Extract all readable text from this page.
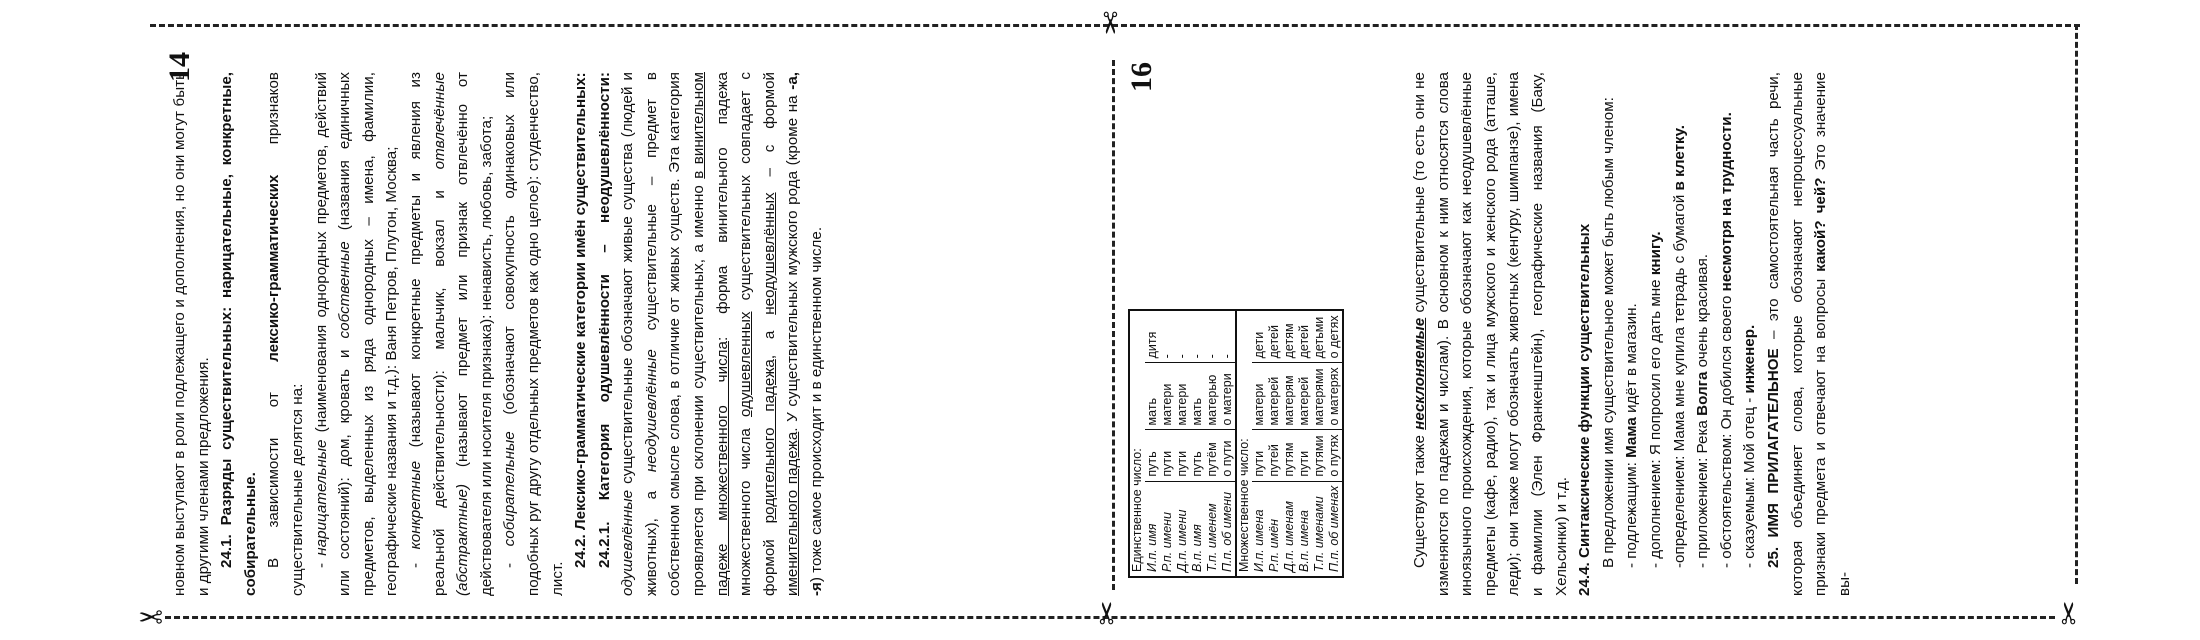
✂
✂
✂	✂
14	16

новном выступают в роли подлежащего и дополнения, но они могут быть и другими членами предложения. 24.1. Разряды существительных: нарицательные, конкретные, собирательные. В зависимости от лексико-грамматических признаков существительные делятся на: - нарицательные (наименования однородных предметов, действий или состояний): дом, кровать и собственные (названия единичных предметов, выделенных из ряда однородных – имена, фамилии, географические названия и т.д.): Ваня Петров, Плутон, Москва; - конкретные (называют конкретные предметы и явления из реальной действительности): мальчик, вокзал и отвлечённые (абстрактные) (называют предмет или признак отвлечённо от действователя или носителя признака): ненависть, любовь, забота; - собирательные (обозначают совокупность одинаковых или подобных руг другу отдельных предметов как одно целое): студенчество, лист.

24.2. Лексико-грамматические категории имён существительных: 24.2.1. Категория одушевлённости – неодушевлённости: одушевлённые существительные обозначают живые существа (людей и животных), а неодушевлённые существительные – предмет в собственном смысле слова, в отличие от живых существ. Эта категория проявляется при склонении существительных, а именно в винительном падеже множественного числа: форма винительного падежа множественного числа одушевленных существительных совпадает с формой родительного падежа, а неодушевлённых – с формой именительного падежа. У существительных мужского рода (кроме на -а, -я) тоже самое происходит и в единственном числе.	Единственное число:			
И.п. имя	путь	мать	дитя
Р.п. имени	пути	матери	-
Д.п. имени	пути	матери	-
В.п. имя	путь	мать	-
Т.п. именем	путём	матерью	-
П.п. об имени	о пути	о матери	-
Множественное число:			
И.п. имена	пути	матери	дети
Р.п. имён	путей	матерей	детей
Д.п. именам	путям	матерям	детям
В.п. имена	пути	матерей	детей
Т.п. именами	путями	матерями	детьми
П.п. об именах	о путях	о матерях	о детях

Существуют также несклоняемые существительные (то есть они не изменяются по падежам и числам). В основном к ним относятся слова иноязычного происхождения, которые обозначают как неодушевлённые предметы (кафе, радио), так и лица мужского и женского рода (атташе, леди); они также могут обозначать животных (кенгуру, шимпанзе), имена и фамилии (Элен Франкенштейн), географические названия (Баку, Хельсинки) и т.д. 24.4. Синтаксические функции существительных В предложении имя существительное может быть любым членом: - подлежащим: Мама идёт в магазин. - дополнением: Я попросил его дать мне книгу. -определением: Мама мне купила тетрадь с бумагой в клетку.

- приложением: Река Волга очень красивая. - обстоятельством: Он добился своего несмотря на трудности.

- сказуемым: Мой отец - инженер. 25. ИМЯ ПРИЛАГАТЕЛЬНОЕ – это самостоятельная часть речи, которая объединяет слова, которые обозначают непроцессуальные признаки предмета и отвечают на вопросы какой? чей? Это значение вы-
